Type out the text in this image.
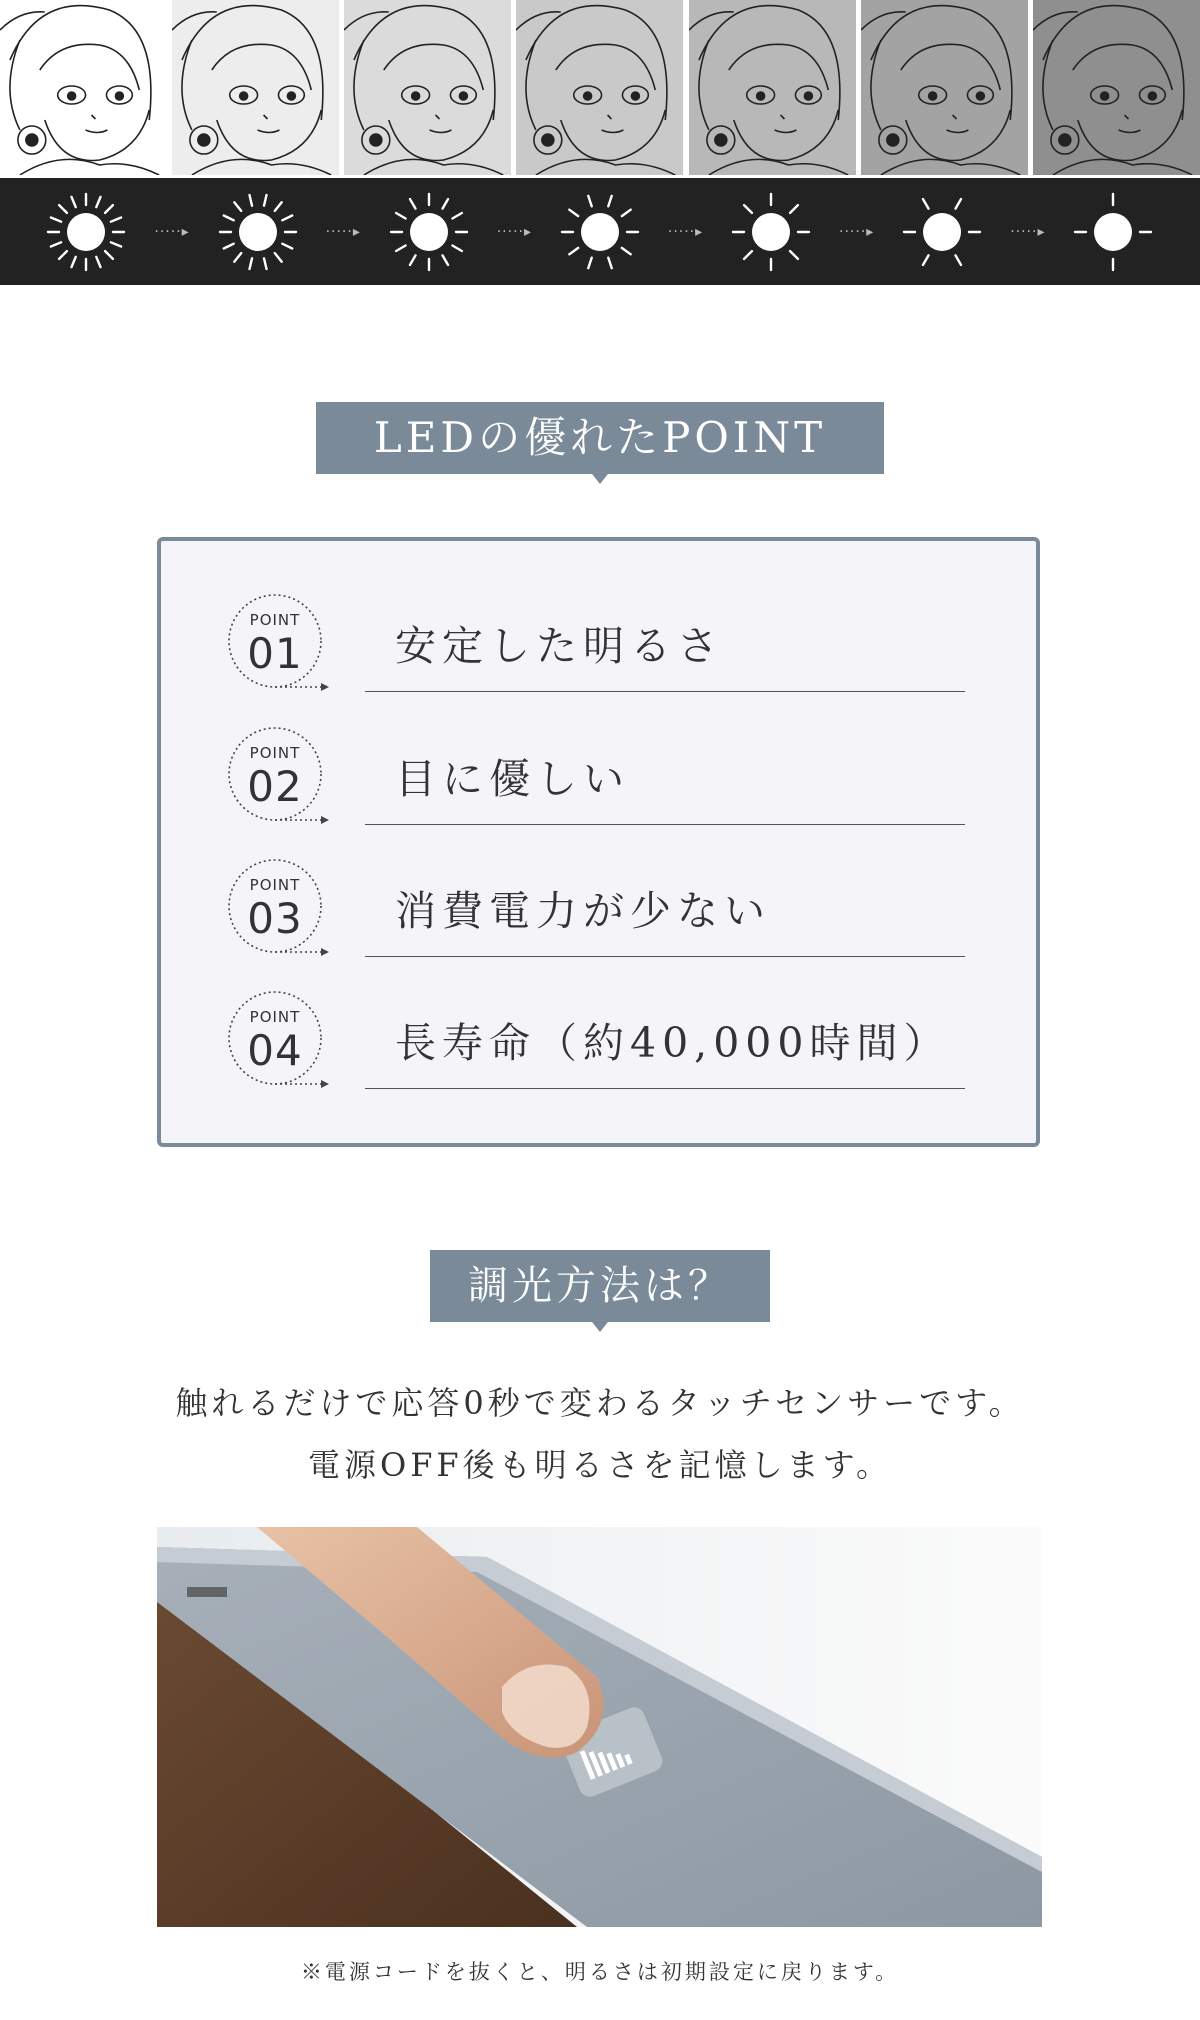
·····▸	·····▸	·····▸	·····▸	·····▸	·····▸
LEDの優れたPOINT
POINT
01	安定した明るさ
POINT
02	目に優しい
POINT
03	消費電力が少ない
POINT
04	長寿命（約40,000時間）
調光方法は？
触れるだけで応答0秒で変わるタッチセンサーです。
電源OFF後も明るさを記憶します。
※電源コードを抜くと、明るさは初期設定に戻ります。
